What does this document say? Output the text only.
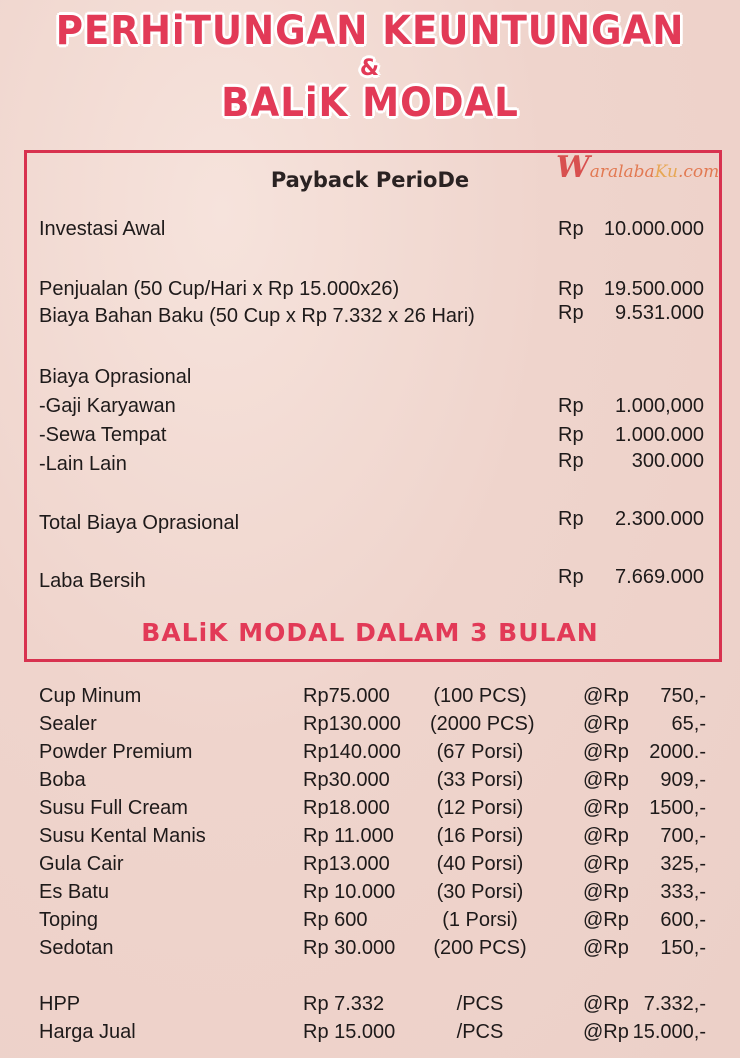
PERHiTUNGAN KEUNTUNGAN
&
BALiK MODAL
WaralabaKu.com
Payback PerioDe
Investasi Awal	Rp 10.000.000
Penjualan (50 Cup/Hari x Rp 15.000x26)	Rp 19.500.000
Biaya Bahan Baku (50 Cup x Rp 7.332 x 26 Hari)	Rp 9.531.000
Biaya Oprasional
-Gaji Karyawan	Rp 1.000,000
-Sewa Tempat	Rp 1.000.000
-Lain Lain	Rp 300.000
Total Biaya Oprasional	Rp 2.300.000
Laba Bersih	Rp 7.669.000
BALiK MODAL DALAM 3 BULAN
Cup Minum	Rp75.000 (100 PCS)	@Rp 750,-
Sealer	Rp130.000 (2000 PCS) @Rp 65,-
Powder Premium	Rp140.000	(67 Porsi)	@Rp 2000.-
Boba	Rp30.000	(33 Porsi)	@Rp 909,-
Susu Full Cream	Rp18.000	(12 Porsi)	@Rp 1500,-
Susu Kental Manis	Rp 11.000	(16 Porsi)	@Rp 700,-
Gula Cair	Rp13.000	(40 Porsi)	@Rp 325,-
Es Batu	Rp 10.000	(30 Porsi)	@Rp 333,-
Toping	Rp 600	(1 Porsi)	@Rp 600,-
Sedotan	Rp 30.000 (200 PCS)	@Rp 150,-
HPP	Rp 7.332	/PCS	@Rp 7.332,-
Harga Jual	Rp 15.000	/PCS	@Rp 15.000,-
